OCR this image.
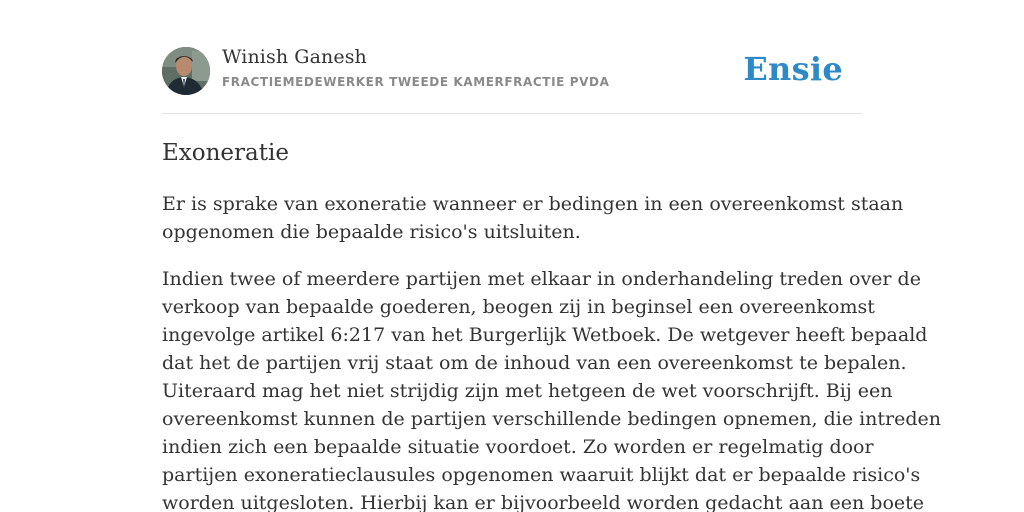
Winish Ganesh
FRACTIEMEDEWERKER TWEEDE KAMERFRACTIE PVDA	Ensie
Exoneratie

Er is sprake van exoneratie wanneer er bedingen in een overeenkomst staan
opgenomen die bepaalde risico's uitsluiten.

Indien twee of meerdere partijen met elkaar in onderhandeling treden over de
verkoop van bepaalde goederen, beogen zij in beginsel een overeenkomst
ingevolge artikel 6:217 van het Burgerlijk Wetboek. De wetgever heeft bepaald
dat het de partijen vrij staat om de inhoud van een overeenkomst te bepalen.
Uiteraard mag het niet strijdig zijn met hetgeen de wet voorschrijft. Bij een
overeenkomst kunnen de partijen verschillende bedingen opnemen, die intreden
indien zich een bepaalde situatie voordoet. Zo worden er regelmatig door
partijen exoneratieclausules opgenomen waaruit blijkt dat er bepaalde risico's
worden uitgesloten. Hierbij kan er bijvoorbeeld worden gedacht aan een boete
